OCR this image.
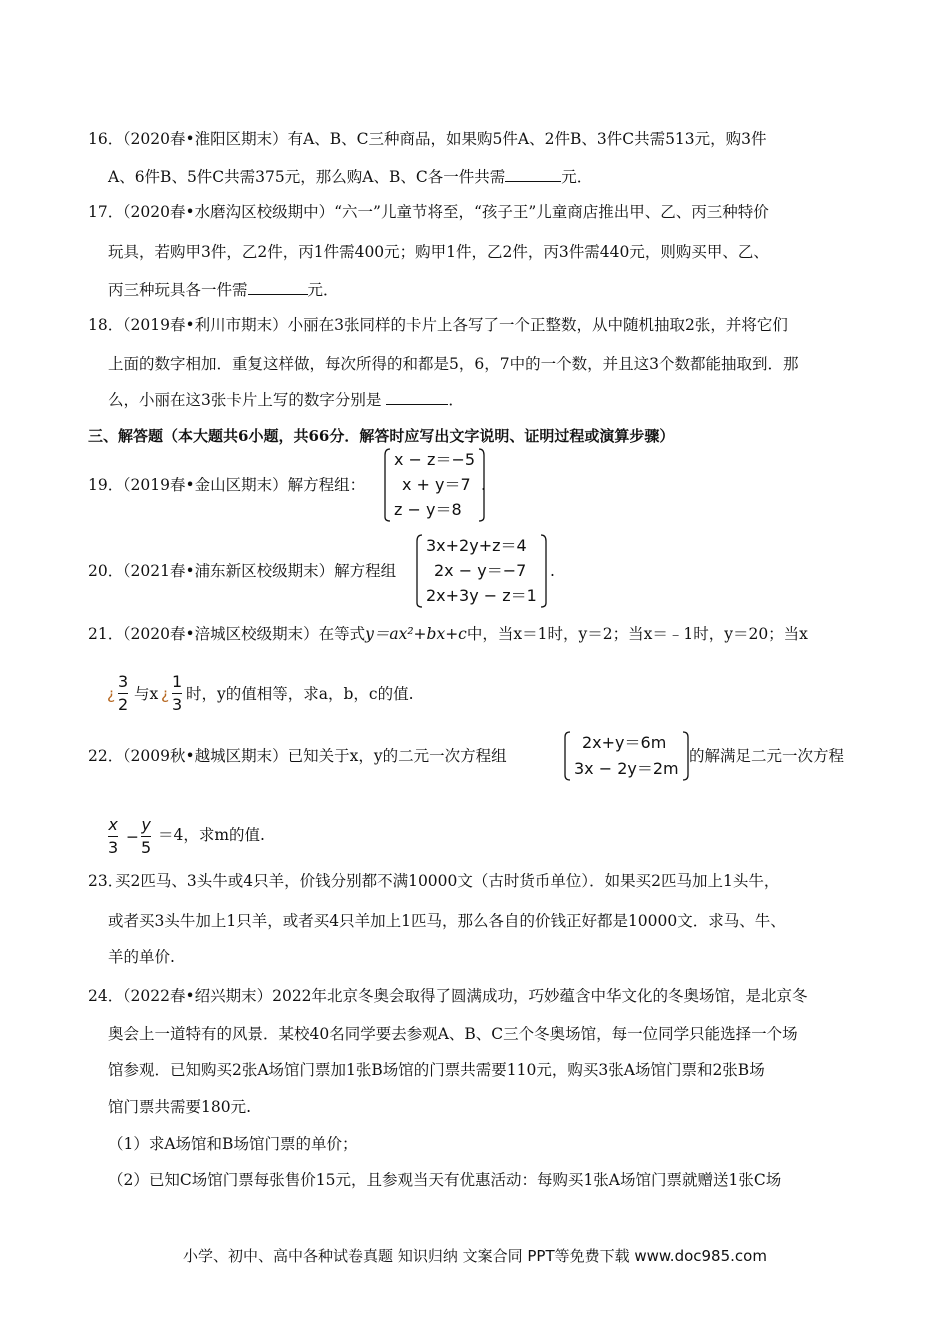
16．
（2020春•淮阳区期末）有A、B、C三种商品，如果购5件A、2件B、3件C共需513元，购3件
A、6件B、5件C共需375元，那么购A、B、C各一件共需	元．
17．
（2020春•水磨沟区校级期中）“六一”儿童节将至，“孩子王”儿童商店推出甲、乙、丙三种特价
玩具，若购甲3件，乙2件，丙1件需400元；购甲1件，乙2件，丙3件需440元，则购买甲、乙、
丙三种玩具各一件需	元．
18．
（2019春•利川市期末）小丽在3张同样的卡片上各写了一个正整数，从中随机抽取2张，并将它们
上面的数字相加．重复这样做，每次所得的和都是5，6，7中的一个数，并且这3个数都能抽取到．那
么，小丽在这3张卡片上写的数字分别是	．
三、解答题（本大题共6小题，共66分．解答时应写出文字说明、证明过程或演算步骤）
19．
（2019春•金山区期末）解方程组：
x − z＝−5
x + y＝7
z − y＝8
.
20．
（2021春•浦东新区校级期末）解方程组
3x+2y+z＝4
2x − y＝−7
2x+3y − z＝1
.
21．
（2020春•涪城区校级期末）在等式y＝ax²+bx+c中，当x＝1时，y＝2；当x＝﹣1时，y＝20；当x
¿
3
2
与x ¿
1
3
时，y的值相等，求a，b，c的值.
22．
（2009秋•越城区期末）已知关于x，y的二元一次方程组
2x+y＝6m
3x − 2y＝2m
的解满足二元一次方程
x
3
−
y
5
＝4，求m的值.
23．
买2匹马、3头牛或4只羊，价钱分别都不满10000文（古时货币单位）．如果买2匹马加上1头牛，
或者买3头牛加上1只羊，或者买4只羊加上1匹马，那么各自的价钱正好都是10000文．求马、牛、
羊的单价.
24．
（2022春•绍兴期末）2022年北京冬奥会取得了圆满成功，巧妙蕴含中华文化的冬奥场馆，是北京冬
奥会上一道特有的风景．某校40名同学要去参观A、B、C三个冬奥场馆，每一位同学只能选择一个场
馆参观．已知购买2张A场馆门票加1张B场馆的门票共需要110元，购买3张A场馆门票和2张B场
馆门票共需要180元.
（1）求A场馆和B场馆门票的单价；
（2）已知C场馆门票每张售价15元，且参观当天有优惠活动：每购买1张A场馆门票就赠送1张C场
小学、初中、高中各种试卷真题 知识归纳 文案合同 PPT等免费下载 www.doc985.com
